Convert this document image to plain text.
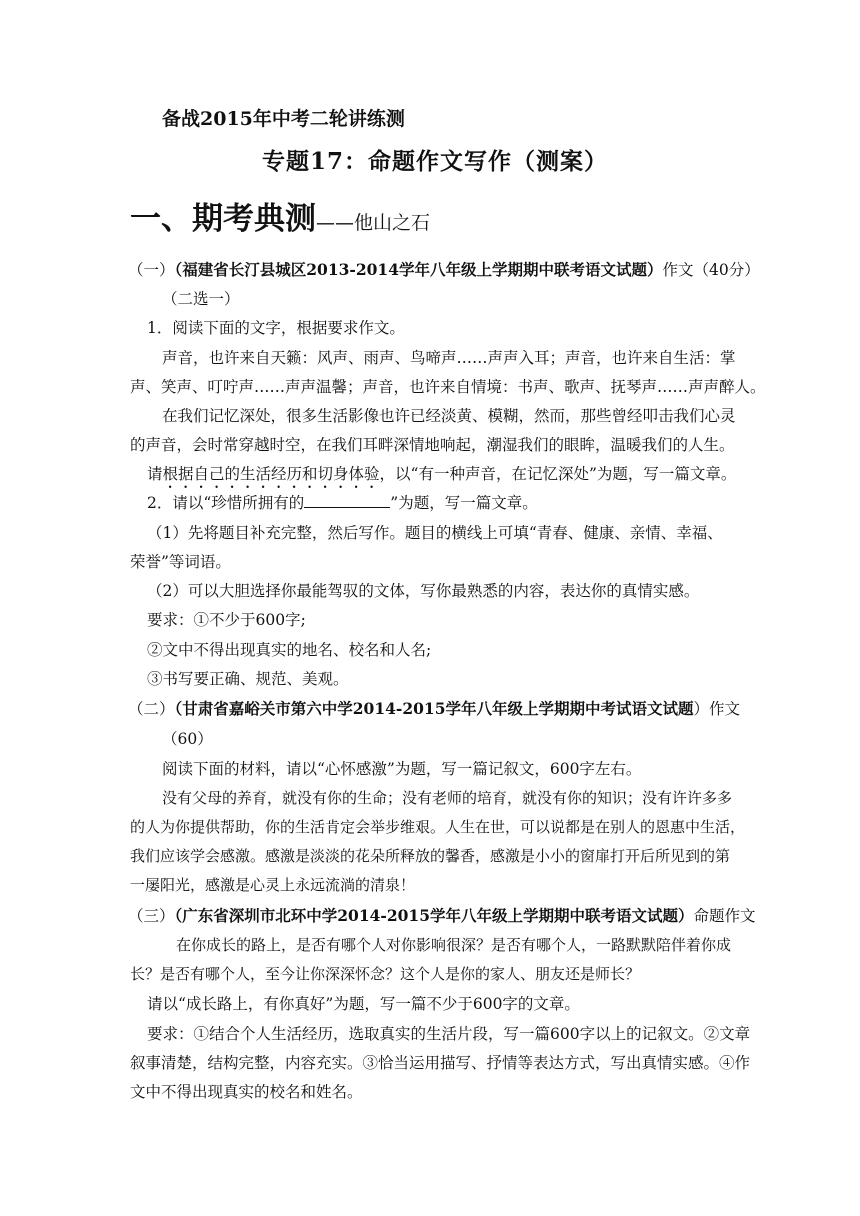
备战2015年中考二轮讲练测
专题17：命题作文写作（测案）
一、期考典测——他山之石
（一）（福建省长汀县城区2013-2014学年八年级上学期期中联考语文试题）作文（40分）
（二选一）
1．阅读下面的文字，根据要求作文。
声音，也许来自天籁：风声、雨声、鸟啼声……声声入耳；声音，也许来自生活：掌
声、笑声、叮咛声……声声温馨；声音，也许来自情境：书声、歌声、抚琴声……声声醉人。
在我们记忆深处，很多生活影像也许已经淡黄、模糊，然而，那些曾经叩击我们心灵
的声音，会时常穿越时空，在我们耳畔深情地响起，潮湿我们的眼眸，温暖我们的人生。
请根据自己的生活经历和切身体验，以“有一种声音，在记忆深处”为题，写一篇文章。
2．请以“珍惜所拥有的	”为题，写一篇文章。
（1）先将题目补充完整，然后写作。题目的横线上可填“青春、健康、亲情、幸福、
荣誉”等词语。
（2）可以大胆选择你最能驾驭的文体，写你最熟悉的内容，表达你的真情实感。
要求：①不少于600字;
②文中不得出现真实的地名、校名和人名;
③书写要正确、规范、美观。
（二）（甘肃省嘉峪关市第六中学2014-2015学年八年级上学期期中考试语文试题）作文
（60）
阅读下面的材料，请以“心怀感激”为题，写一篇记叙文，600字左右。
没有父母的养育，就没有你的生命；没有老师的培育，就没有你的知识；没有许许多多
的人为你提供帮助，你的生活肯定会举步维艰。人生在世，可以说都是在别人的恩惠中生活，
我们应该学会感激。感激是淡淡的花朵所释放的馨香，感激是小小的窗扉打开后所见到的第
一屡阳光，感激是心灵上永远流淌的清泉！
（三）（广东省深圳市北环中学2014-2015学年八年级上学期期中联考语文试题）命题作文
在你成长的路上，是否有哪个人对你影响很深？是否有哪个人，一路默默陪伴着你成
长？是否有哪个人，至今让你深深怀念？这个人是你的家人、朋友还是师长？
请以“成长路上，有你真好”为题，写一篇不少于600字的文章。
要求：①结合个人生活经历，选取真实的生活片段，写一篇600字以上的记叙文。②文章
叙事清楚，结构完整，内容充实。③恰当运用描写、抒情等表达方式，写出真情实感。④作
文中不得出现真实的校名和姓名。
